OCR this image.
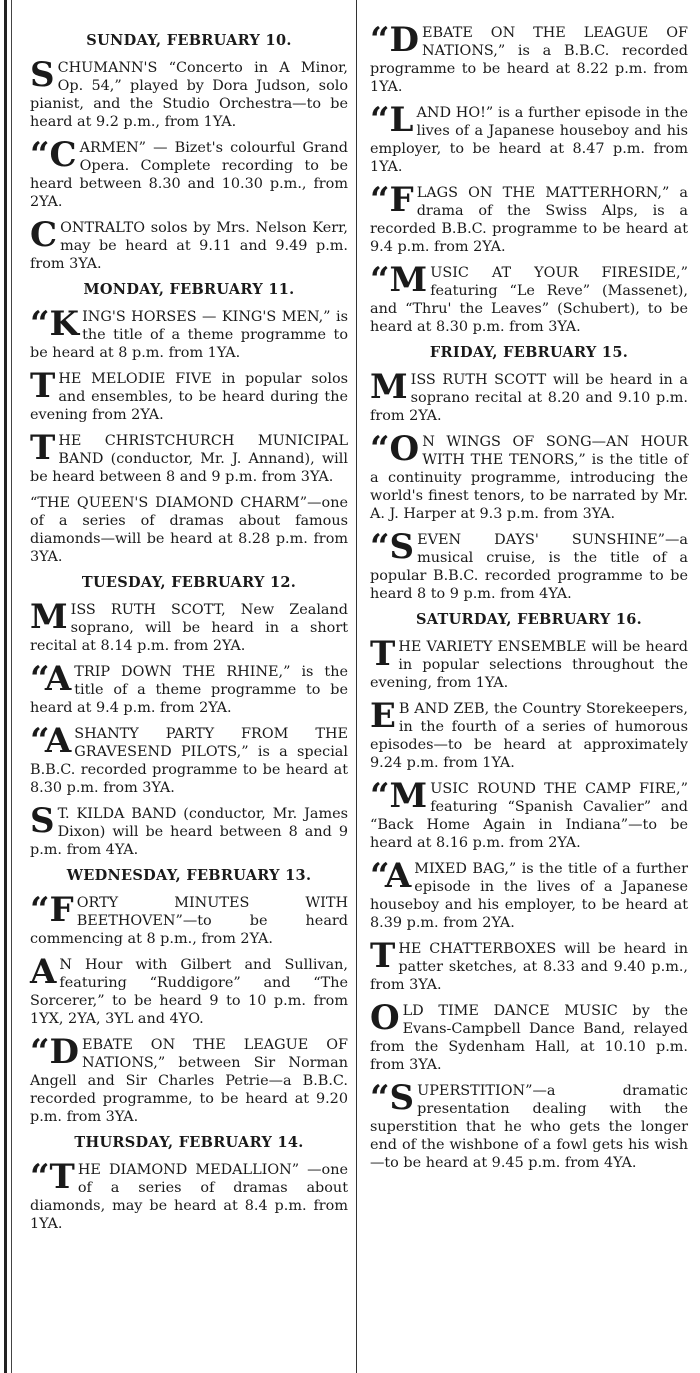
SUNDAY, FEBRUARY 10.
SCHUMANN'S “Concerto in A Minor, Op. 54,” played by Dora Judson, solo pianist, and the Studio Orchestra—to be heard at 9.2 p.m., from 1YA.
“CARMEN” — Bizet's colourful Grand Opera. Complete recording to be heard between 8.30 and 10.30 p.m., from 2YA.
CONTRALTO solos by Mrs. Nelson Kerr, may be heard at 9.11 and 9.49 p.m. from 3YA.
MONDAY, FEBRUARY 11.
“KING'S HORSES — KING'S MEN,” is the title of a theme programme to be heard at 8 p.m. from 1YA.
THE MELODIE FIVE in popular solos and ensembles, to be heard during the evening from 2YA.
THE CHRISTCHURCH MUNICIPAL BAND (conductor, Mr. J. Annand), will be heard between 8 and 9 p.m. from 3YA.
“THE QUEEN'S DIAMOND CHARM”—one of a series of dramas about famous diamonds—will be heard at 8.28 p.m. from 3YA.
TUESDAY, FEBRUARY 12.
MISS RUTH SCOTT, New Zealand soprano, will be heard in a short recital at 8.14 p.m. from 2YA.
“A TRIP DOWN THE RHINE,” is the title of a theme programme to be heard at 9.4 p.m. from 2YA.
“A SHANTY PARTY FROM THE GRAVESEND PILOTS,” is a special B.B.C. recorded programme to be heard at 8.30 p.m. from 3YA.
S T. KILDA BAND (conductor, Mr. James Dixon) will be heard between 8 and 9 p.m. from 4YA.
WEDNESDAY, FEBRUARY 13.
“FORTY MINUTES WITH BEETHOVEN”—to be heard commencing at 8 p.m., from 2YA.
A N Hour with Gilbert and Sullivan, featuring “Ruddigore” and “The Sorcerer,” to be heard 9 to 10 p.m. from 1YX, 2YA, 3YL and 4YO.
“DEBATE ON THE LEAGUE OF NATIONS,” between Sir Norman Angell and Sir Charles Petrie—a B.B.C. recorded programme, to be heard at 9.20 p.m. from 3YA.
THURSDAY, FEBRUARY 14.
“THE DIAMOND MEDALLION” —one of a series of dramas about diamonds, may be heard at 8.4 p.m. from 1YA.
“DEBATE ON THE LEAGUE OF NATIONS,” is a B.B.C. recorded programme to be heard at 8.22 p.m. from 1YA.
“LAND HO!” is a further episode in the lives of a Japanese houseboy and his employer, to be heard at 8.47 p.m. from 1YA.
“FLAGS ON THE MATTERHORN,” a drama of the Swiss Alps, is a recorded B.B.C. programme to be heard at 9.4 p.m. from 2YA.
“MUSIC AT YOUR FIRESIDE,” featuring “Le Reve” (Massenet), and “Thru' the Leaves” (Schubert), to be heard at 8.30 p.m. from 3YA.
FRIDAY, FEBRUARY 15.
MISS RUTH SCOTT will be heard in a soprano recital at 8.20 and 9.10 p.m. from 2YA.
“O N WINGS OF SONG—AN HOUR WITH THE TENORS,” is the title of a continuity programme, introducing the world's finest tenors, to be narrated by Mr. A. J. Harper at 9.3 p.m. from 3YA.
“SEVEN DAYS' SUNSHINE”—a musical cruise, is the title of a popular B.B.C. recorded programme to be heard 8 to 9 p.m. from 4YA.
SATURDAY, FEBRUARY 16.
THE VARIETY ENSEMBLE will be heard in popular selections throughout the evening, from 1YA.
E B AND ZEB, the Country Storekeepers, in the fourth of a series of humorous episodes—to be heard at approximately 9.24 p.m. from 1YA.
“MUSIC ROUND THE CAMP FIRE,” featuring “Spanish Cavalier” and “Back Home Again in Indiana”—to be heard at 8.16 p.m. from 2YA.
“A MIXED BAG,” is the title of a further episode in the lives of a Japanese houseboy and his employer, to be heard at 8.39 p.m. from 2YA.
THE CHATTERBOXES will be heard in patter sketches, at 8.33 and 9.40 p.m., from 3YA.
OLD TIME DANCE MUSIC by the Evans-Campbell Dance Band, relayed from the Sydenham Hall, at 10.10 p.m. from 3YA.
“SUPERSTITION”—a dramatic presentation dealing with the superstition that he who gets the longer end of the wishbone of a fowl gets his wish—to be heard at 9.45 p.m. from 4YA.
